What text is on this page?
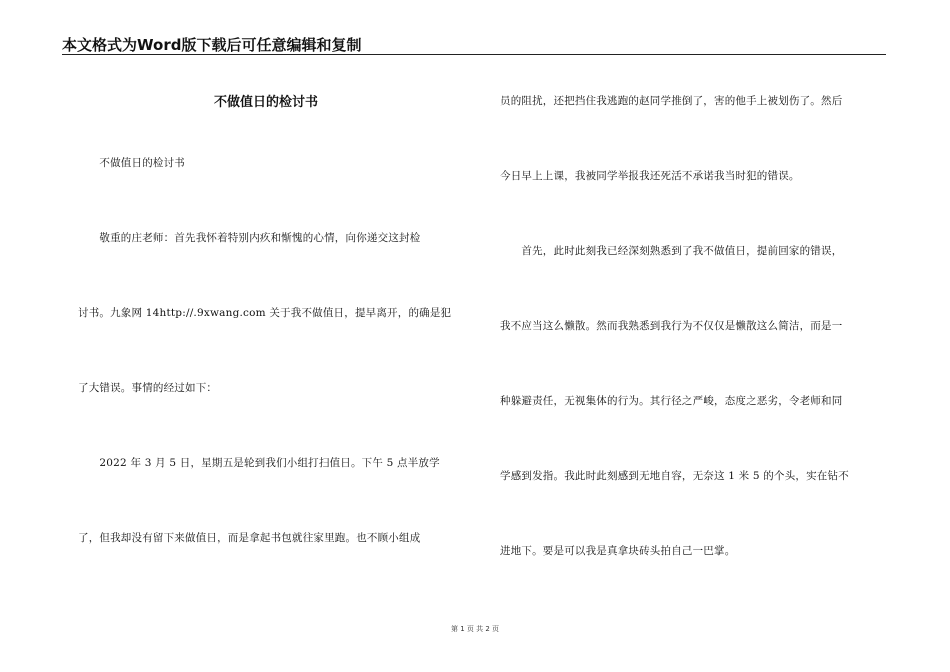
本文格式为Word版下载后可任意编辑和复制
不做值日的检讨书
　　不做值日的检讨书
　　敬重的庄老师：首先我怀着特别内疚和惭愧的心情，向你递交这封检
讨书。九象网 14http://.9xwang.com 关于我不做值日，提早离开，的确是犯
了大错误。事情的经过如下：
　　2022 年 3 月 5 日，星期五是轮到我们小组打扫值日。下午 5 点半放学
了，但我却没有留下来做值日，而是拿起书包就往家里跑。也不顾小组成
员的阻扰，还把挡住我逃跑的赵同学推倒了，害的他手上被划伤了。然后
今日早上上课，我被同学举报我还死活不承诺我当时犯的错误。
　　首先，此时此刻我已经深刻熟悉到了我不做值日，提前回家的错误，
我不应当这么懒散。然而我熟悉到我行为不仅仅是懒散这么简洁，而是一
种躲避责任，无视集体的行为。其行径之严峻，态度之恶劣，令老师和同
学感到发指。我此时此刻感到无地自容，无奈这 1 米 5 的个头，实在钻不
进地下。要是可以我是真拿块砖头拍自己一巴掌。
第 1 页 共 2 页
